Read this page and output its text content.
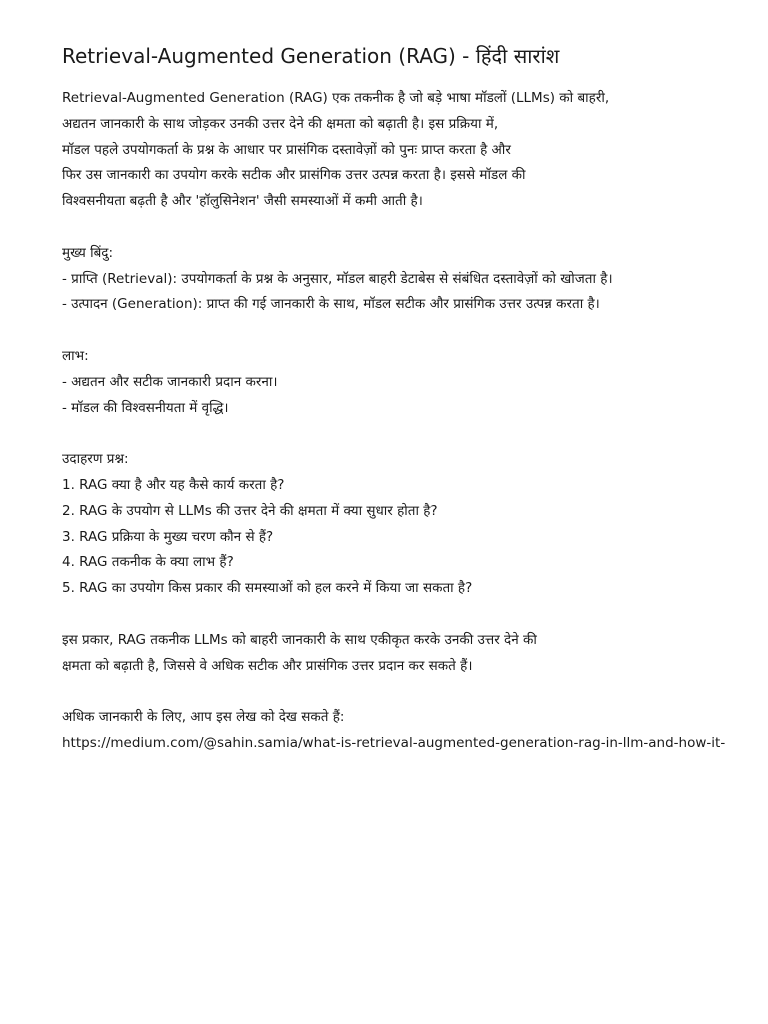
Retrieval-Augmented Generation (RAG) - हिंदी सारांश
Retrieval-Augmented Generation (RAG) एक तकनीक है जो बड़े भाषा मॉडलों (LLMs) को बाहरी,
अद्यतन जानकारी के साथ जोड़कर उनकी उत्तर देने की क्षमता को बढ़ाती है। इस प्रक्रिया में,
मॉडल पहले उपयोगकर्ता के प्रश्न के आधार पर प्रासंगिक दस्तावेज़ों को पुनः प्राप्त करता है और
फिर उस जानकारी का उपयोग करके सटीक और प्रासंगिक उत्तर उत्पन्न करता है। इससे मॉडल की
विश्वसनीयता बढ़ती है और 'हॉलुसिनेशन' जैसी समस्याओं में कमी आती है।
मुख्य बिंदु:
- प्राप्ति (Retrieval): उपयोगकर्ता के प्रश्न के अनुसार, मॉडल बाहरी डेटाबेस से संबंधित दस्तावेज़ों को खोजता है।
- उत्पादन (Generation): प्राप्त की गई जानकारी के साथ, मॉडल सटीक और प्रासंगिक उत्तर उत्पन्न करता है।
लाभ:
- अद्यतन और सटीक जानकारी प्रदान करना।
- मॉडल की विश्वसनीयता में वृद्धि।
उदाहरण प्रश्न:
1. RAG क्या है और यह कैसे कार्य करता है?
2. RAG के उपयोग से LLMs की उत्तर देने की क्षमता में क्या सुधार होता है?
3. RAG प्रक्रिया के मुख्य चरण कौन से हैं?
4. RAG तकनीक के क्या लाभ हैं?
5. RAG का उपयोग किस प्रकार की समस्याओं को हल करने में किया जा सकता है?
इस प्रकार, RAG तकनीक LLMs को बाहरी जानकारी के साथ एकीकृत करके उनकी उत्तर देने की
क्षमता को बढ़ाती है, जिससे वे अधिक सटीक और प्रासंगिक उत्तर प्रदान कर सकते हैं।
अधिक जानकारी के लिए, आप इस लेख को देख सकते हैं:
https://medium.com/@sahin.samia/what-is-retrieval-augmented-generation-rag-in-llm-and-how-it-
